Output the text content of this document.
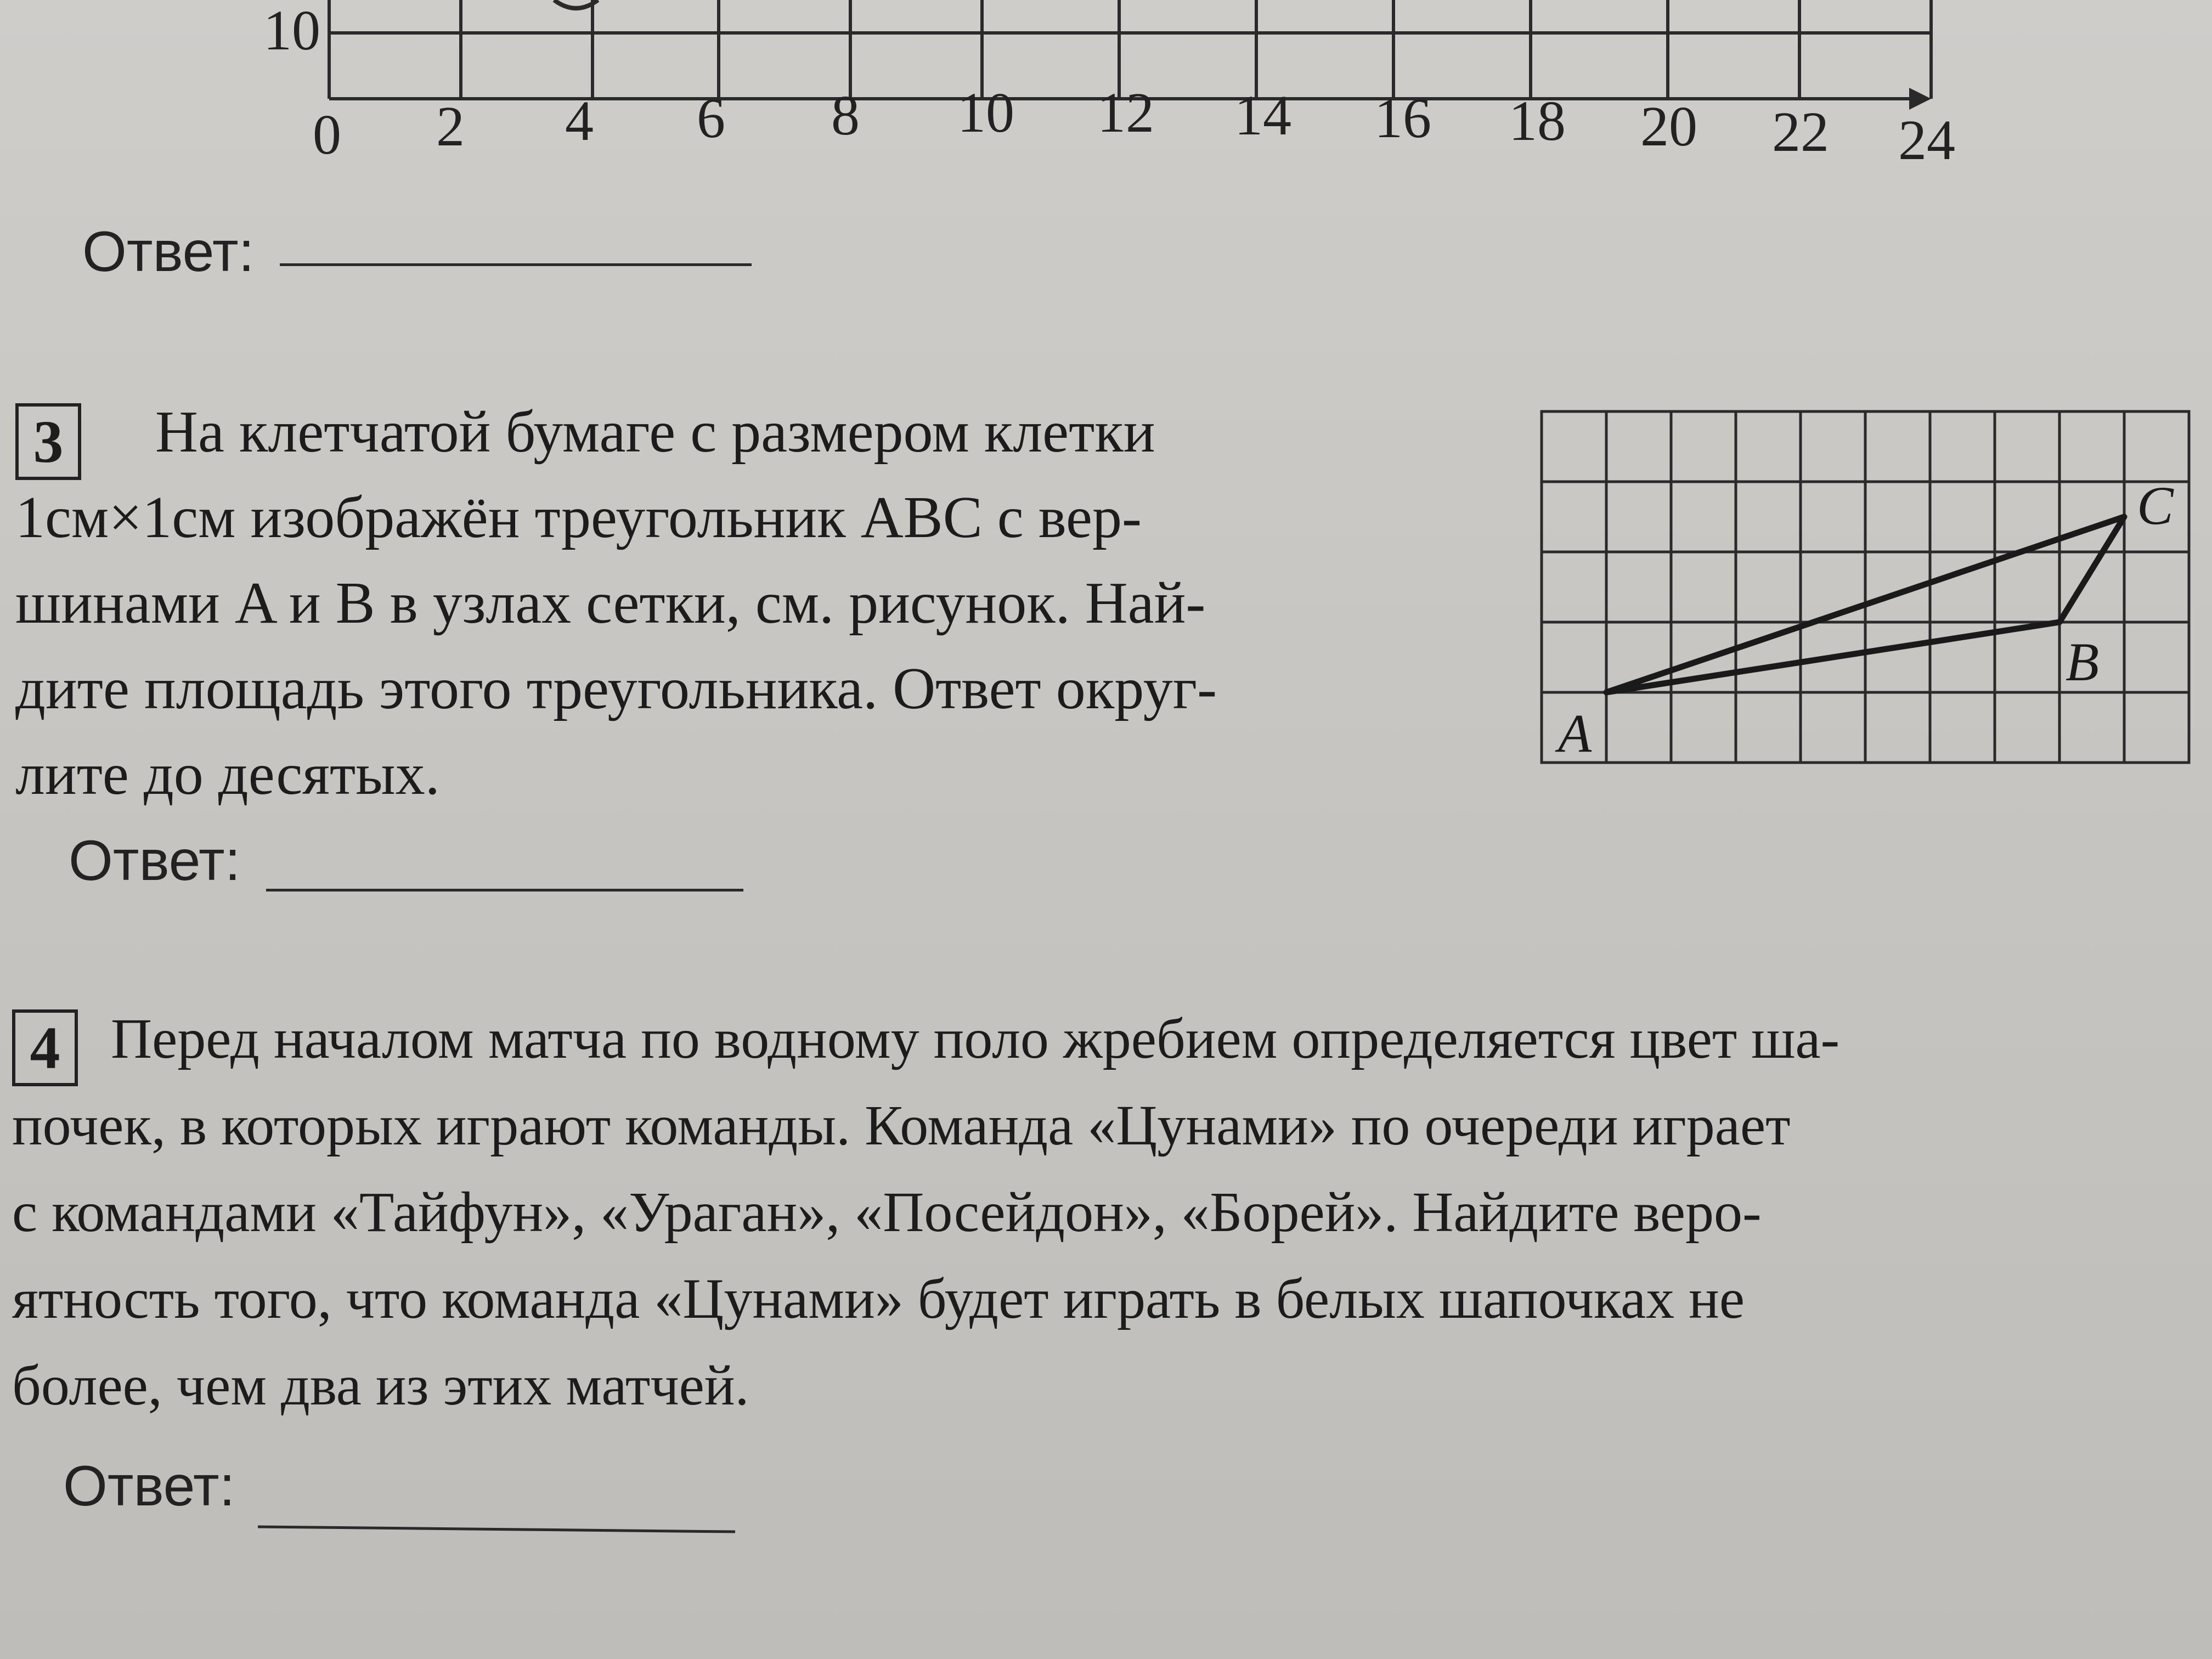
10
0 2 4 6 8 10 12 14 16 18 20 22 24
Ответ:
3	На клетчатой бумаге с размером клетки

1см×1см изображён треугольник ABC с вер-

шинами A и B в узлах сетки, см. рисунок. Най-

дите площадь этого треугольника. Ответ округ-

лите до десятых.

A
B
C
Ответ:
4 Перед началом матча по водному поло жребием определяется цвет ша-

почек, в которых играют команды. Команда «Цунами» по очереди играет

с командами «Тайфун», «Ураган», «Посейдон», «Борей». Найдите веро-

ятность того, что команда «Цунами» будет играть в белых шапочках не

более, чем два из этих матчей.

Ответ:
